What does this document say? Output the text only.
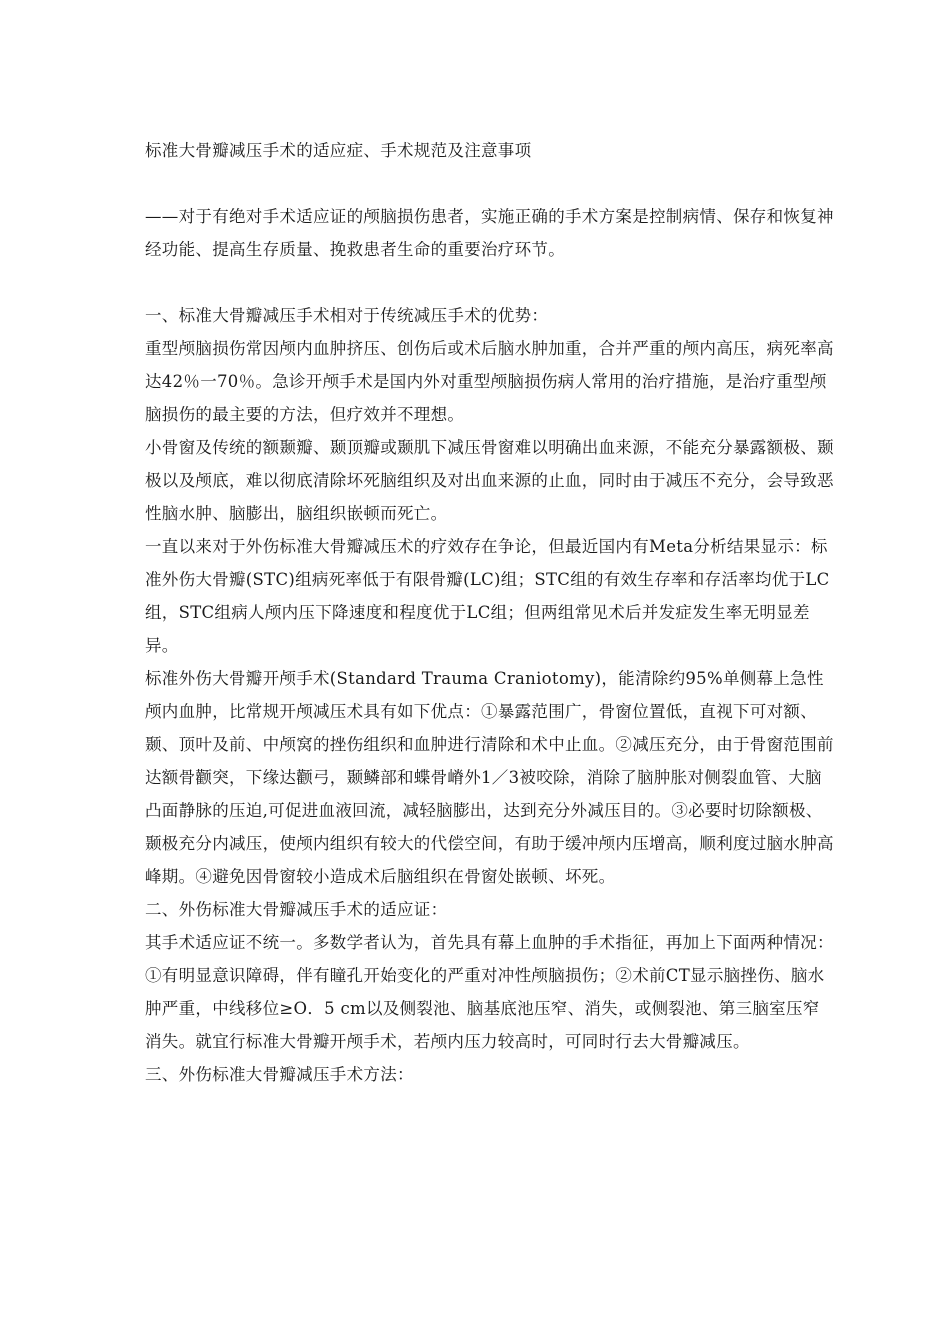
标准大骨瓣减压手术的适应症、手术规范及注意事项

——对于有绝对手术适应证的颅脑损伤患者，实施正确的手术方案是控制病情、保存和恢复神经功能、提高生存质量、挽救患者生命的重要治疗环节。

一、标准大骨瓣减压手术相对于传统减压手术的优势：

重型颅脑损伤常因颅内血肿挤压、创伤后或术后脑水肿加重，合并严重的颅内高压，病死率高达42％一70％。急诊开颅手术是国内外对重型颅脑损伤病人常用的治疗措施，是治疗重型颅脑损伤的最主要的方法，但疗效并不理想。

小骨窗及传统的额颞瓣、颞顶瓣或颞肌下减压骨窗难以明确出血来源，不能充分暴露额极、颞极以及颅底，难以彻底清除坏死脑组织及对出血来源的止血，同时由于减压不充分，会导致恶性脑水肿、脑膨出，脑组织嵌顿而死亡。

一直以来对于外伤标准大骨瓣减压术的疗效存在争论，但最近国内有Meta分析结果显示：标准外伤大骨瓣(STC)组病死率低于有限骨瓣(LC)组；STC组的有效生存率和存活率均优于LC组，STC组病人颅内压下降速度和程度优于LC组；但两组常见术后并发症发生率无明显差异。

标准外伤大骨瓣开颅手术(Standard Trauma Craniotomy)，能清除约95%单侧幕上急性颅内血肿，比常规开颅减压术具有如下优点：①暴露范围广，骨窗位置低，直视下可对额、颞、顶叶及前、中颅窝的挫伤组织和血肿进行清除和术中止血。②减压充分，由于骨窗范围前达额骨颧突，下缘达颧弓，颞鳞部和蝶骨嵴外1／3被咬除，消除了脑肿胀对侧裂血管、大脑凸面静脉的压迫,可促进血液回流，减轻脑膨出，达到充分外减压目的。③必要时切除额极、颞极充分内减压，使颅内组织有较大的代偿空间，有助于缓冲颅内压增高，顺利度过脑水肿高峰期。④避免因骨窗较小造成术后脑组织在骨窗处嵌顿、坏死。

二、外伤标准大骨瓣减压手术的适应证：

其手术适应证不统一。多数学者认为，首先具有幕上血肿的手术指征，再加上下面两种情况：①有明显意识障碍，伴有瞳孔开始变化的严重对冲性颅脑损伤；②术前CT显示脑挫伤、脑水肿严重，中线移位≥O．5 cm以及侧裂池、脑基底池压窄、消失，或侧裂池、第三脑室压窄消失。就宜行标准大骨瓣开颅手术，若颅内压力较高时，可同时行去大骨瓣减压。

三、外伤标准大骨瓣减压手术方法：
